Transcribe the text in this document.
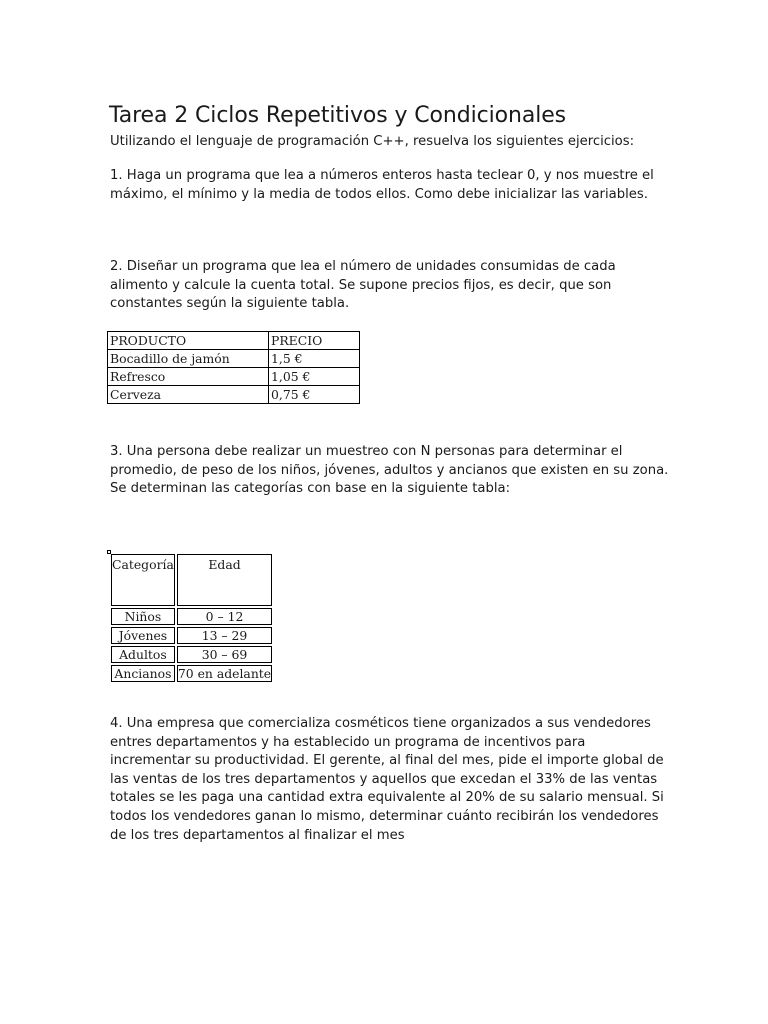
Tarea 2 Ciclos Repetitivos y Condicionales

Utilizando el lenguaje de programación C++, resuelva los siguientes ejercicios:

1. Haga un programa que lea a números enteros hasta teclear 0, y nos muestre el
máximo, el mínimo y la media de todos ellos. Como debe inicializar las variables.

2. Diseñar un programa que lea el número de unidades consumidas de cada
alimento y calcule la cuenta total. Se supone precios fijos, es decir, que son
constantes según la siguiente tabla.

PRODUCTO	PRECIO
Bocadillo de jamón	1,5 €
Refresco	1,05 €
Cerveza	0,75 €

3. Una persona debe realizar un muestreo con N personas para determinar el
promedio, de peso de los niños, jóvenes, adultos y ancianos que existen en su zona.
Se determinan las categorías con base en la siguiente tabla:

Categoría	Edad
Niños	0 – 12
Jóvenes	13 – 29
Adultos	30 – 69
Ancianos	70 en adelante

4. Una empresa que comercializa cosméticos tiene organizados a sus vendedores
entres departamentos y ha establecido un programa de incentivos para
incrementar su productividad. El gerente, al final del mes, pide el importe global de
las ventas de los tres departamentos y aquellos que excedan el 33% de las ventas
totales se les paga una cantidad extra equivalente al 20% de su salario mensual. Si
todos los vendedores ganan lo mismo, determinar cuánto recibirán los vendedores
de los tres departamentos al finalizar el mes
